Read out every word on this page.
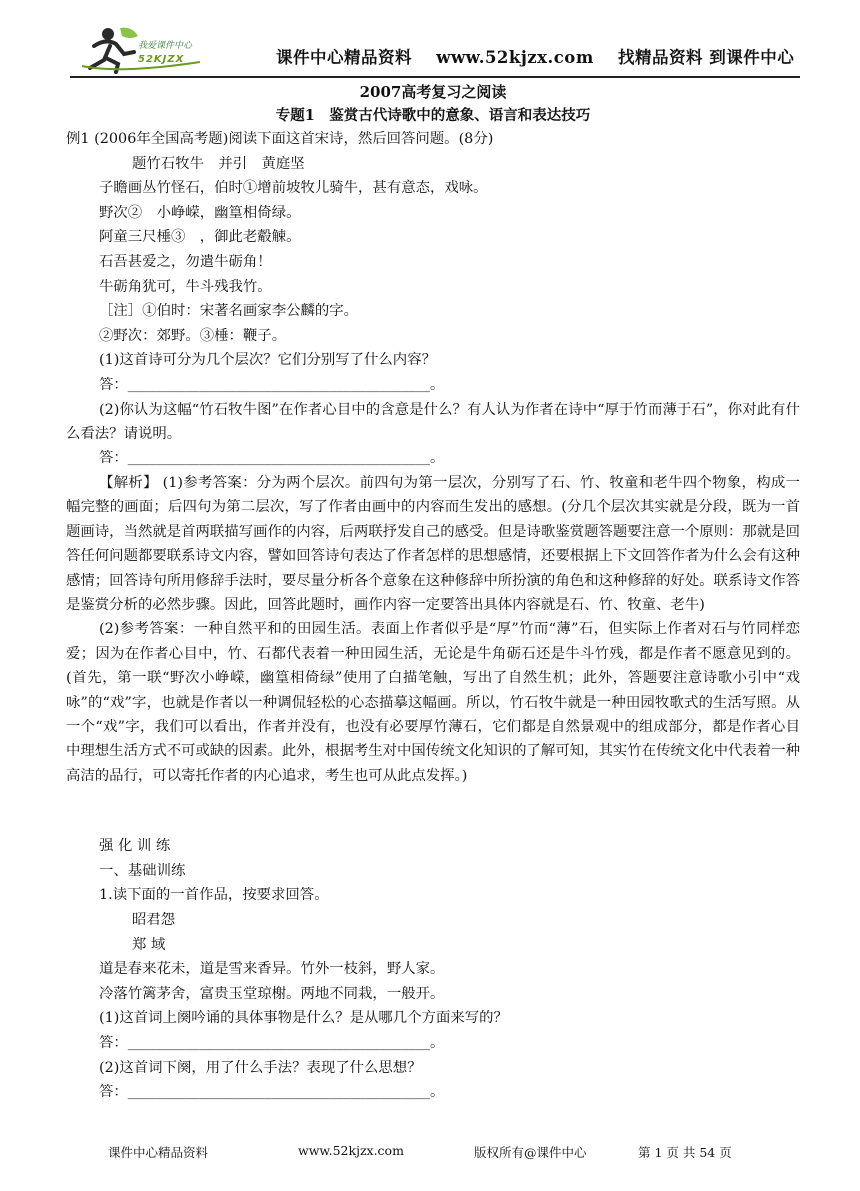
我爱课件中心
52KJZX	课件中心精品资料 www.52kjzx.com 找精品资料 到课件中心
2007高考复习之阅读
专题1　鉴赏古代诗歌中的意象、语言和表达技巧
例1 (2006年全国高考题)阅读下面这首宋诗，然后回答问题。(8分)
题竹石牧牛　并引　黄庭坚
子瞻画丛竹怪石，伯时①增前坡牧儿骑牛，甚有意态，戏咏。
野次②　小峥嵘，幽篁相倚绿。
阿童三尺棰③　，御此老觳觫。
石吾甚爱之，勿遣牛砺角！
牛砺角犹可，牛斗残我竹。
［注］①伯时：宋著名画家李公麟的字。
②野次：郊野。③棰：鞭子。
(1)这首诗可分为几个层次？它们分别写了什么内容？
答：__________________________________________。

(2)你认为这幅“竹石牧牛图”在作者心目中的含意是什么？有人认为作者在诗中“厚于竹而薄于石”，你对此有什么看法？请说明。

答：__________________________________________。

【解析】 (1)参考答案：分为两个层次。前四句为第一层次，分别写了石、竹、牧童和老牛四个物象，构成一幅完整的画面；后四句为第二层次，写了作者由画中的内容而生发出的感想。(分几个层次其实就是分段，既为一首题画诗，当然就是首两联描写画作的内容，后两联抒发自己的感受。但是诗歌鉴赏题答题要注意一个原则：那就是回答任何问题都要联系诗文内容，譬如回答诗句表达了作者怎样的思想感情，还要根据上下文回答作者为什么会有这种感情；回答诗句所用修辞手法时，要尽量分析各个意象在这种修辞中所扮演的角色和这种修辞的好处。联系诗文作答是鉴赏分析的必然步骤。因此，回答此题时，画作内容一定要答出具体内容就是石、竹、牧童、老牛)

(2)参考答案：一种自然平和的田园生活。表面上作者似乎是“厚”竹而“薄”石，但实际上作者对石与竹同样恋爱；因为在作者心目中，竹、石都代表着一种田园生活，无论是牛角砺石还是牛斗竹残，都是作者不愿意见到的。(首先，第一联“野次小峥嵘，幽篁相倚绿”使用了白描笔触，写出了自然生机；此外，答题要注意诗歌小引中“戏咏”的“戏”字，也就是作者以一种调侃轻松的心态描摹这幅画。所以，竹石牧牛就是一种田园牧歌式的生活写照。从一个“戏”字，我们可以看出，作者并没有，也没有必要厚竹薄石，它们都是自然景观中的组成部分，都是作者心目中理想生活方式不可或缺的因素。此外，根据考生对中国传统文化知识的了解可知，其实竹在传统文化中代表着一种高洁的品行，可以寄托作者的内心追求，考生也可从此点发挥。)

强 化 训 练
一、基础训练
1.读下面的一首作品，按要求回答。
昭君怨
郑 域
道是春来花未，道是雪来香异。竹外一枝斜，野人家。
冷落竹篱茅舍，富贵玉堂琼榭。两地不同栽，一般开。
(1)这首词上阕吟诵的具体事物是什么？是从哪几个方面来写的？
答：__________________________________________。
(2)这首词下阕，用了什么手法？表现了什么思想？
答：__________________________________________。
课件中心精品资料	www.52kjzx.com	版权所有@课件中心	第 1 页 共 54 页
